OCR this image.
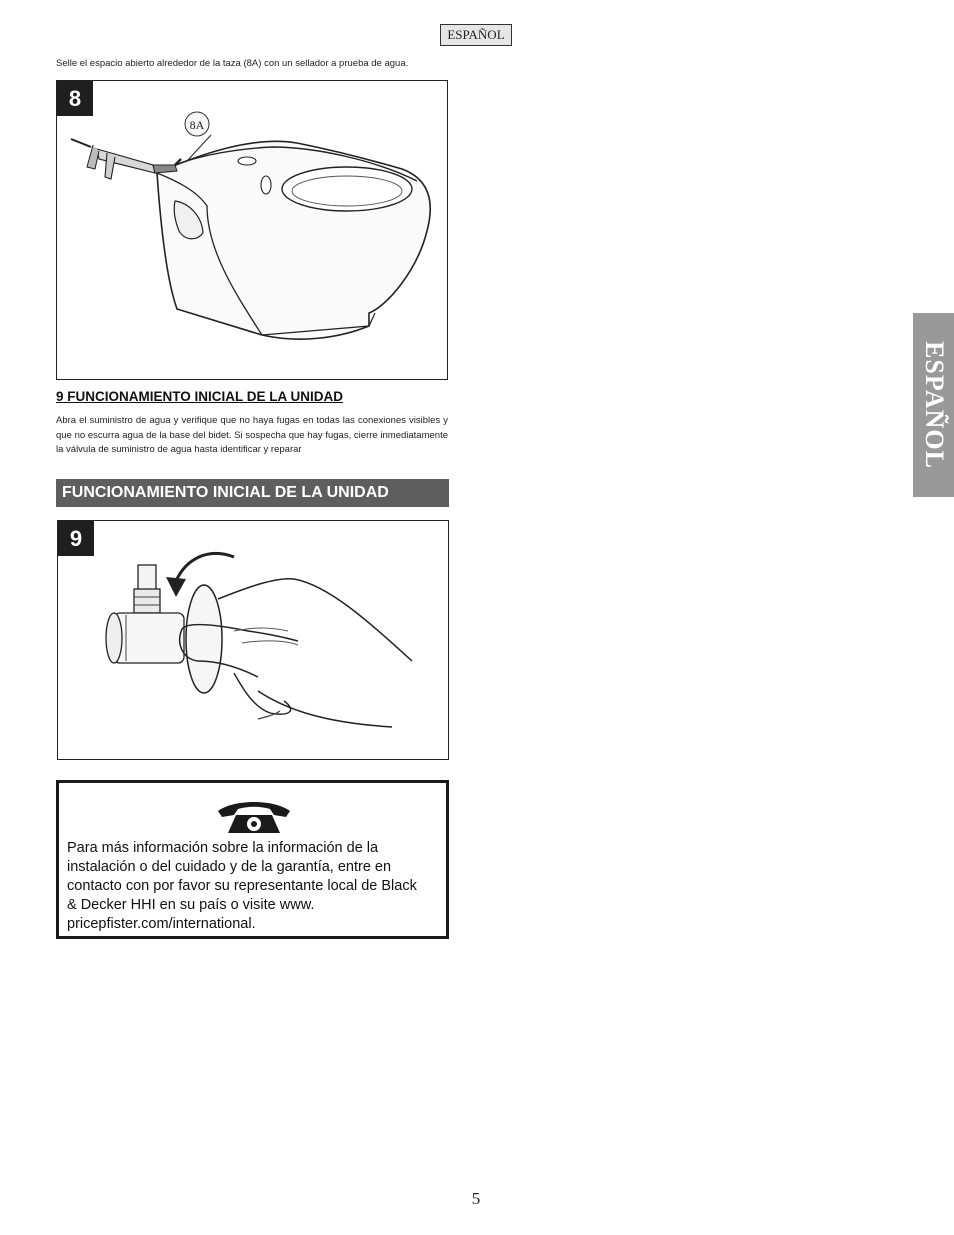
ESPAÑOL
ESPAÑOL
Selle el espacio abierto alrededor de la taza (8A) con un sellador a prueba de agua.
8
8A
9 FUNCIONAMIENTO INICIAL DE LA UNIDAD
Abra el suministro de agua y verifique que no haya fugas en todas las conexiones visibles y que no escurra agua de la base del bidet. Si sospecha que hay fugas, cierre inmediatamente la válvula de suministro de agua hasta identificar y reparar
FUNCIONAMIENTO INICIAL DE LA UNIDAD
9
Para más información sobre la información de la instalación o del cuidado y de la garantía, entre en contacto con por favor su representante local de Black & Decker HHI en su país o visite www. pricepfister.com/international.
5
